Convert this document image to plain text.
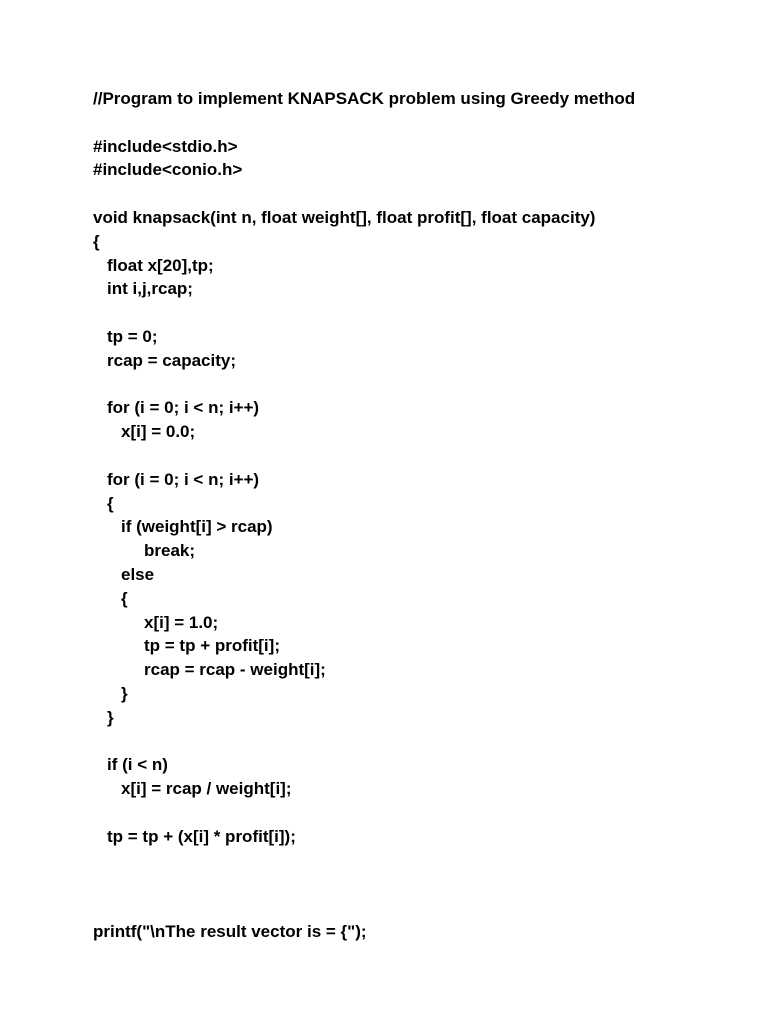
//Program to implement KNAPSACK problem using Greedy method
#include<stdio.h>
#include<conio.h>
void knapsack(int n, float weight[], float profit[], float capacity)
{
float x[20],tp;
int i,j,rcap;
tp = 0;
rcap = capacity;
for (i = 0; i < n; i++)
x[i] = 0.0;
for (i = 0; i < n; i++)
{
if (weight[i] > rcap)
break;
else
{
x[i] = 1.0;
tp = tp + profit[i];
rcap = rcap - weight[i];
}
}
if (i < n)
x[i] = rcap / weight[i];
tp = tp + (x[i] * profit[i]);
printf("\nThe result vector is = {");
